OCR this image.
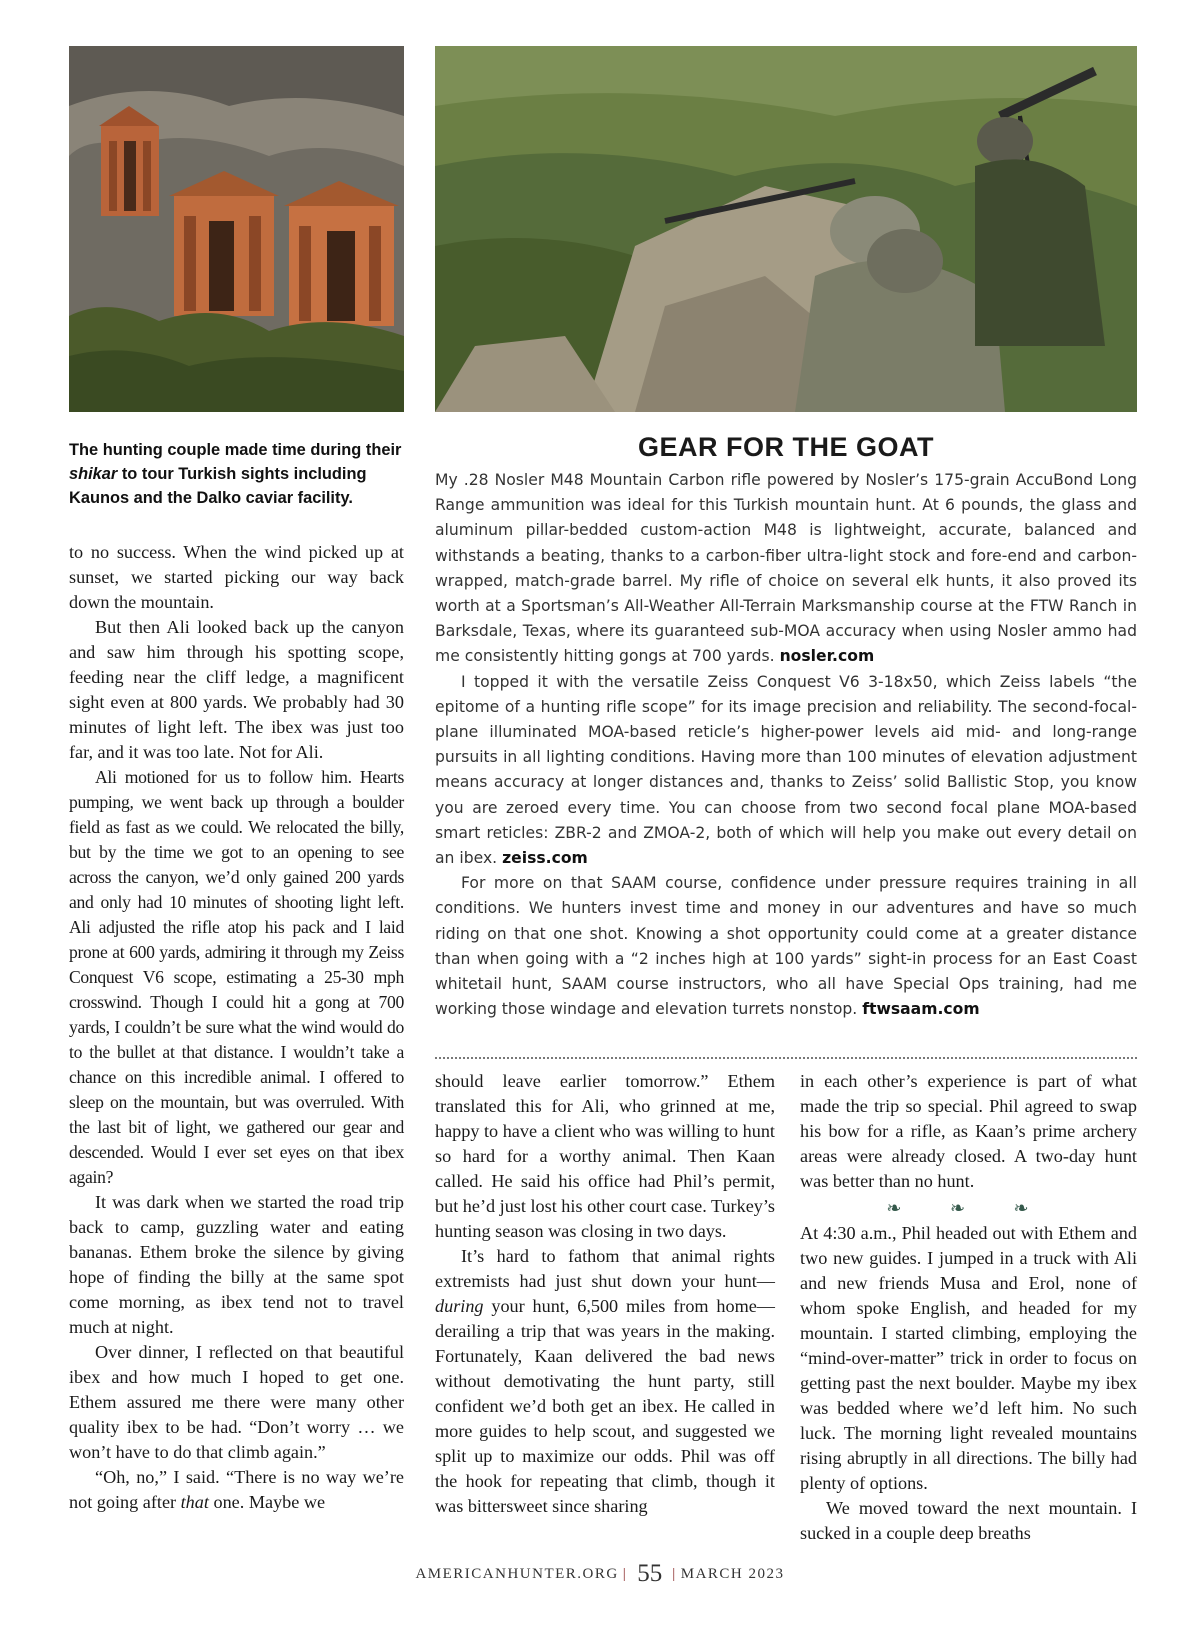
The hunting couple made time during their shikar to tour Turkish sights including Kaunos and the Dalko caviar facility.

to no success. When the wind picked up at sunset, we started picking our way back down the mountain.

But then Ali looked back up the canyon and saw him through his spotting scope, feeding near the cliff ledge, a magnificent sight even at 800 yards. We probably had 30 minutes of light left. The ibex was just too far, and it was too late. Not for Ali.

Ali motioned for us to follow him. Hearts pumping, we went back up through a boulder field as fast as we could. We relocated the billy, but by the time we got to an opening to see across the canyon, we’d only gained 200 yards and only had 10 minutes of shooting light left. Ali adjusted the rifle atop his pack and I laid prone at 600 yards, admiring it through my Zeiss Conquest V6 scope, estimating a 25-30 mph crosswind. Though I could hit a gong at 700 yards, I couldn’t be sure what the wind would do to the bullet at that distance. I wouldn’t take a chance on this incredible animal. I offered to sleep on the mountain, but was overruled. With the last bit of light, we gathered our gear and descended. Would I ever set eyes on that ibex again?

It was dark when we started the road trip back to camp, guzzling water and eating bananas. Ethem broke the silence by giving hope of finding the billy at the same spot come morning, as ibex tend not to travel much at night.

Over dinner, I reflected on that beautiful ibex and how much I hoped to get one. Ethem assured me there were many other quality ibex to be had. “Don’t worry … we won’t have to do that climb again.”

“Oh, no,” I said. “There is no way we’re not going after that one. Maybe we

GEAR FOR THE GOAT

My .28 Nosler M48 Mountain Carbon rifle powered by Nosler’s 175-grain AccuBond Long Range ammunition was ideal for this Turkish mountain hunt. At 6 pounds, the glass and aluminum pillar-bedded custom-action M48 is lightweight, accurate, balanced and withstands a beating, thanks to a carbon-fiber ultra-light stock and fore-end and carbon-wrapped, match-grade barrel. My rifle of choice on several elk hunts, it also proved its worth at a Sportsman’s All-Weather All-Terrain Marksmanship course at the FTW Ranch in Barksdale, Texas, where its guaranteed sub-MOA accuracy when using Nosler ammo had me consistently hitting gongs at 700 yards. nosler.com

I topped it with the versatile Zeiss Conquest V6 3-18x50, which Zeiss labels “the epitome of a hunting rifle scope” for its image precision and reliability. The second-focal-plane illuminated MOA-based reticle’s higher-power levels aid mid- and long-range pursuits in all lighting conditions. Having more than 100 minutes of elevation adjustment means accuracy at longer distances and, thanks to Zeiss’ solid Ballistic Stop, you know you are zeroed every time. You can choose from two second focal plane MOA-based smart reticles: ZBR-2 and ZMOA-2, both of which will help you make out every detail on an ibex. zeiss.com

For more on that SAAM course, confidence under pressure requires training in all conditions. We hunters invest time and money in our adventures and have so much riding on that one shot. Knowing a shot opportunity could come at a greater distance than when going with a “2 inches high at 100 yards” sight-in process for an East Coast whitetail hunt, SAAM course instructors, who all have Special Ops training, had me working those windage and elevation turrets nonstop. ftwsaam.com

should leave earlier tomorrow.” Ethem translated this for Ali, who grinned at me, happy to have a client who was willing to hunt so hard for a worthy animal. Then Kaan called. He said his office had Phil’s permit, but he’d just lost his other court case. Turkey’s hunting season was closing in two days.

It’s hard to fathom that animal rights extremists had just shut down your hunt—during your hunt, 6,500 miles from home—derailing a trip that was years in the making. Fortunately, Kaan delivered the bad news without demotivating the hunt party, still confident we’d both get an ibex. He called in more guides to help scout, and suggested we split up to maximize our odds. Phil was off the hook for repeating that climb, though it was bittersweet since sharing

in each other’s experience is part of what made the trip so special. Phil agreed to swap his bow for a rifle, as Kaan’s prime archery areas were already closed. A two-day hunt was better than no hunt.

❧ ❧ ❧

At 4:30 a.m., Phil headed out with Ethem and two new guides. I jumped in a truck with Ali and new friends Musa and Erol, none of whom spoke English, and headed for my mountain. I started climbing, employing the “mind-over-matter” trick in order to focus on getting past the next boulder. Maybe my ibex was bedded where we’d left him. No such luck. The morning light revealed mountains rising abruptly in all directions. The billy had plenty of options.

We moved toward the next mountain. I sucked in a couple deep breaths

AMERICANHUNTER.ORG | 55 | MARCH 2023
